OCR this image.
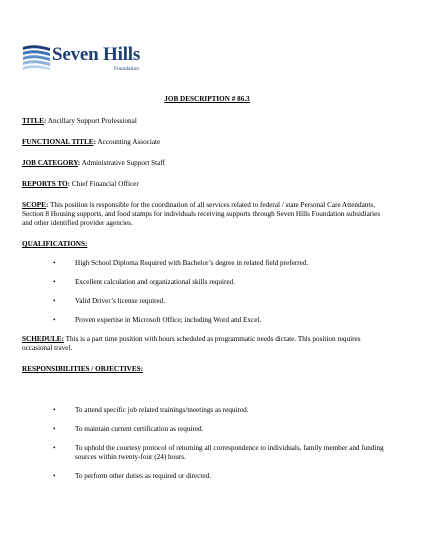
Seven Hills
Foundation
JOB DESCRIPTION # 86.3
TITLE: Ancillary Support Professional
FUNCTIONAL TITLE: Accounting Associate
JOB CATEGORY: Administrative Support Staff
REPORTS TO: Chief Financial Officer
SCOPE: This position is responsible for the coordination of all services related to federal / state Personal Care Attendants, Section 8 Housing supports, and food stamps for individuals receiving supports through Seven Hills Foundation subsidiaries and other identified provider agencies.
QUALIFICATIONS:
•	High School Diploma Required with Bachelor’s degree in related field preferred.
•	Excellent calculation and organizational skills required.
•	Valid Driver’s license required.
•	Proven expertise in Microsoft Office; including Word and Excel.
SCHEDULE: This is a part time position with hours scheduled as programmatic needs dictate. This position requires occasional travel.
RESPONSIBILITIES / OBJECTIVES:
•	To attend specific job related trainings/meetings as required.
•	To maintain current certification as required.
•	To uphold the courtesy protocol of returning all correspondence to individuals, family member and funding sources within twenty-four (24) hours.
•	To perform other duties as required or directed.
